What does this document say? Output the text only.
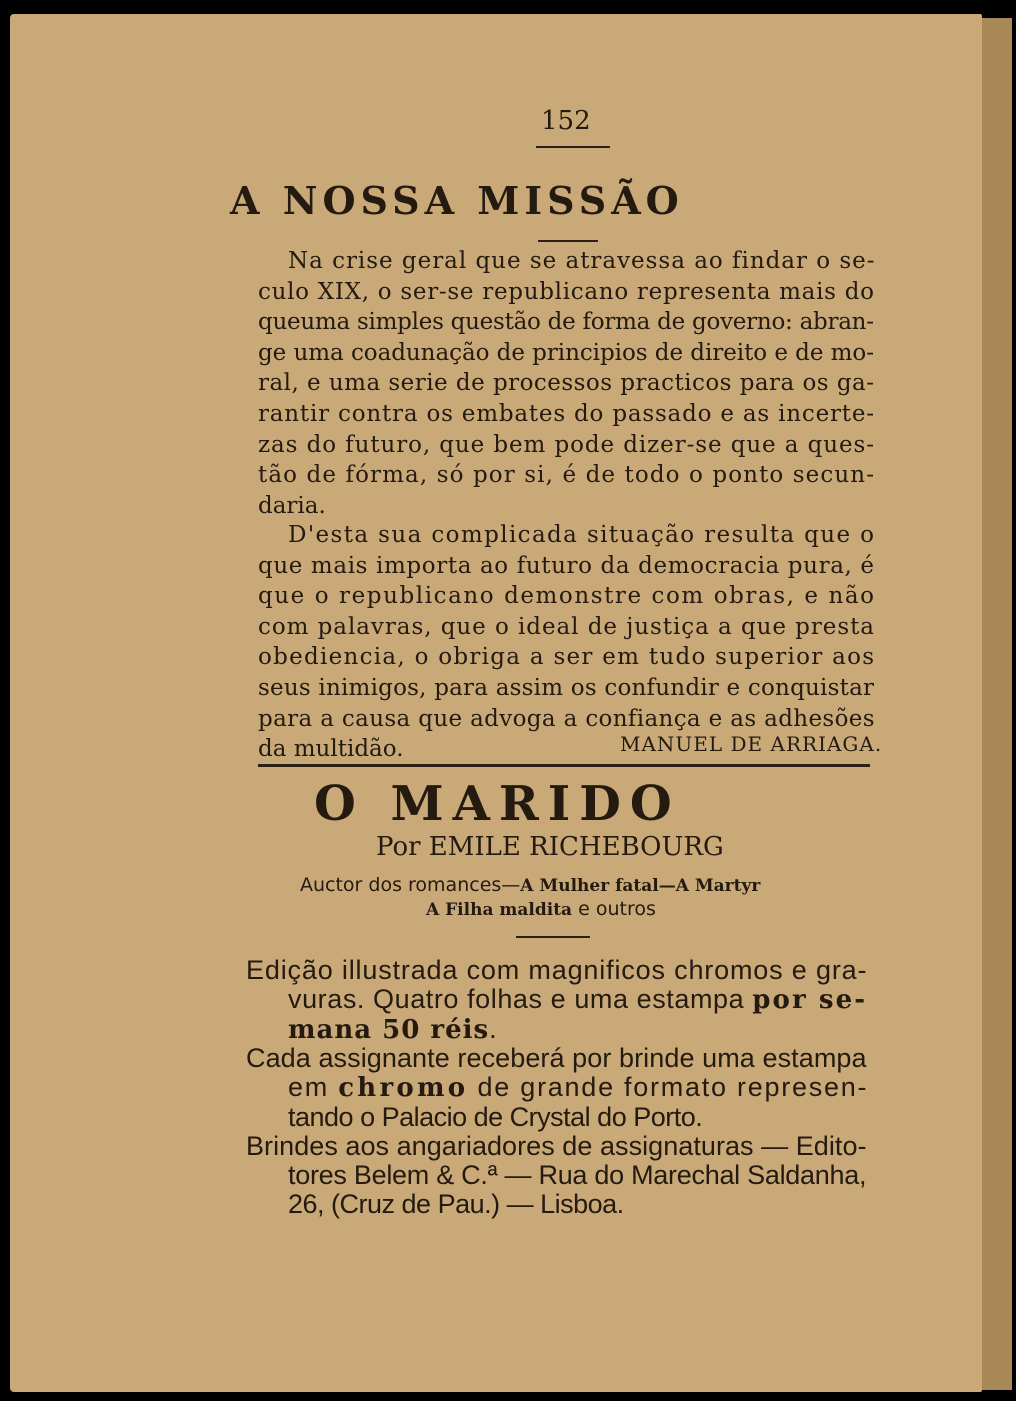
152
A NOSSA MISSÃO
Na crise geral que se atravessa ao findar o se-
culo XIX, o ser-se republicano representa mais do
queuma simples questão de forma de governo: abran-
ge uma coadunação de principios de direito e de mo-
ral, e uma serie de processos practicos para os ga-
rantir contra os embates do passado e as incerte-
zas do futuro, que bem pode dizer-se que a ques-
tão de fórma, só por si, é de todo o ponto secun-
daria.
D'esta sua complicada situação resulta que o
que mais importa ao futuro da democracia pura, é
que o republicano demonstre com obras, e não
com palavras, que o ideal de justiça a que presta
obediencia, o obriga a ser em tudo superior aos
seus inimigos, para assim os confundir e conquistar
para a causa que advoga a confiança e as adhesões
da multidão.	MANUEL DE ARRIAGA.
O MARIDO
Por EMILE RICHEBOURG
Auctor dos romances—A Mulher fatal—A Martyr
A Filha maldita e outros
Edição illustrada com magnificos chromos e gra-
vuras. Quatro folhas e uma estampa por se-
mana 50 réis.
Cada assignante receberá por brinde uma estampa
em chromo de grande formato represen-
tando o Palacio de Crystal do Porto.
Brindes aos angariadores de assignaturas — Edito-
tores Belem & C.ª — Rua do Marechal Saldanha,
26, (Cruz de Pau.) — Lisboa.
